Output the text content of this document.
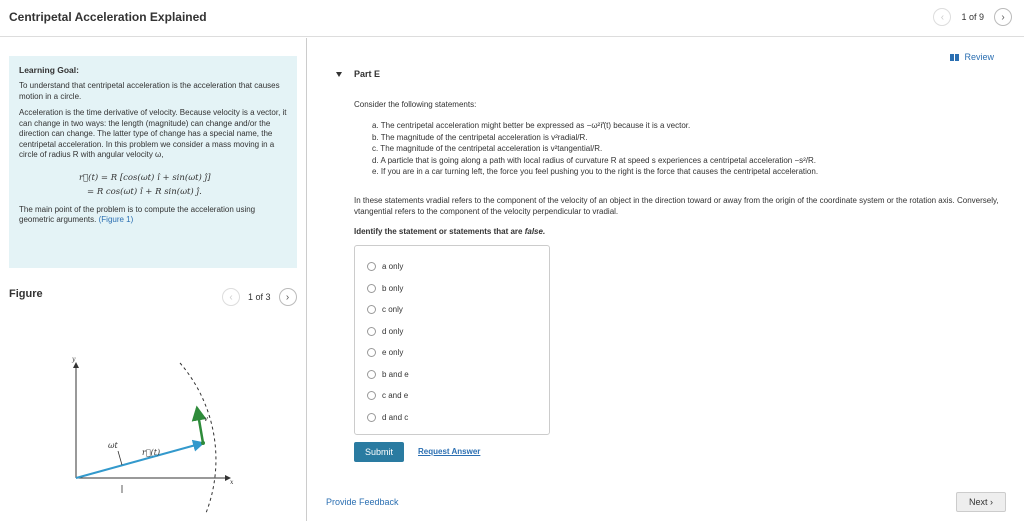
Centripetal Acceleration Explained	‹ 1 of 9 ›
Learning Goal:
To understand that centripetal acceleration is the acceleration that causes motion in a circle.
Acceleration is the time derivative of velocity. Because velocity is a vector, it can change in two ways: the length (magnitude) can change and/or the direction can change. The latter type of change has a special name, the centripetal acceleration. In this problem we consider a mass moving in a circle of radius R with angular velocity ω,
r⃗(t) = R [cos(ωt) î + sin(ωt) ĵ]
= R cos(ωt) î + R sin(ωt) ĵ.
The main point of the problem is to compute the acceleration using geometric arguments. (Figure 1)
Figure	‹ 1 of 3 ›
v
ωt
r⃗(t)
y
x
Review
Part E
Consider the following statements:
a. The centripetal acceleration might better be expressed as −ω²r⃗(t) because it is a vector.
b. The magnitude of the centripetal acceleration is v²radial/R.
c. The magnitude of the centripetal acceleration is v²tangential/R.
d. A particle that is going along a path with local radius of curvature R at speed s experiences a centripetal acceleration −s²/R.
e. If you are in a car turning left, the force you feel pushing you to the right is the force that causes the centripetal acceleration.
In these statements vradial refers to the component of the velocity of an object in the direction toward or away from the origin of the coordinate system or the rotation axis. Conversely, vtangential refers to the component of the velocity perpendicular to vradial.
Identify the statement or statements that are false.
a only
b only
c only
d only
e only
b and e
c and e
d and c
Submit	Request Answer
Provide Feedback	Next ›
